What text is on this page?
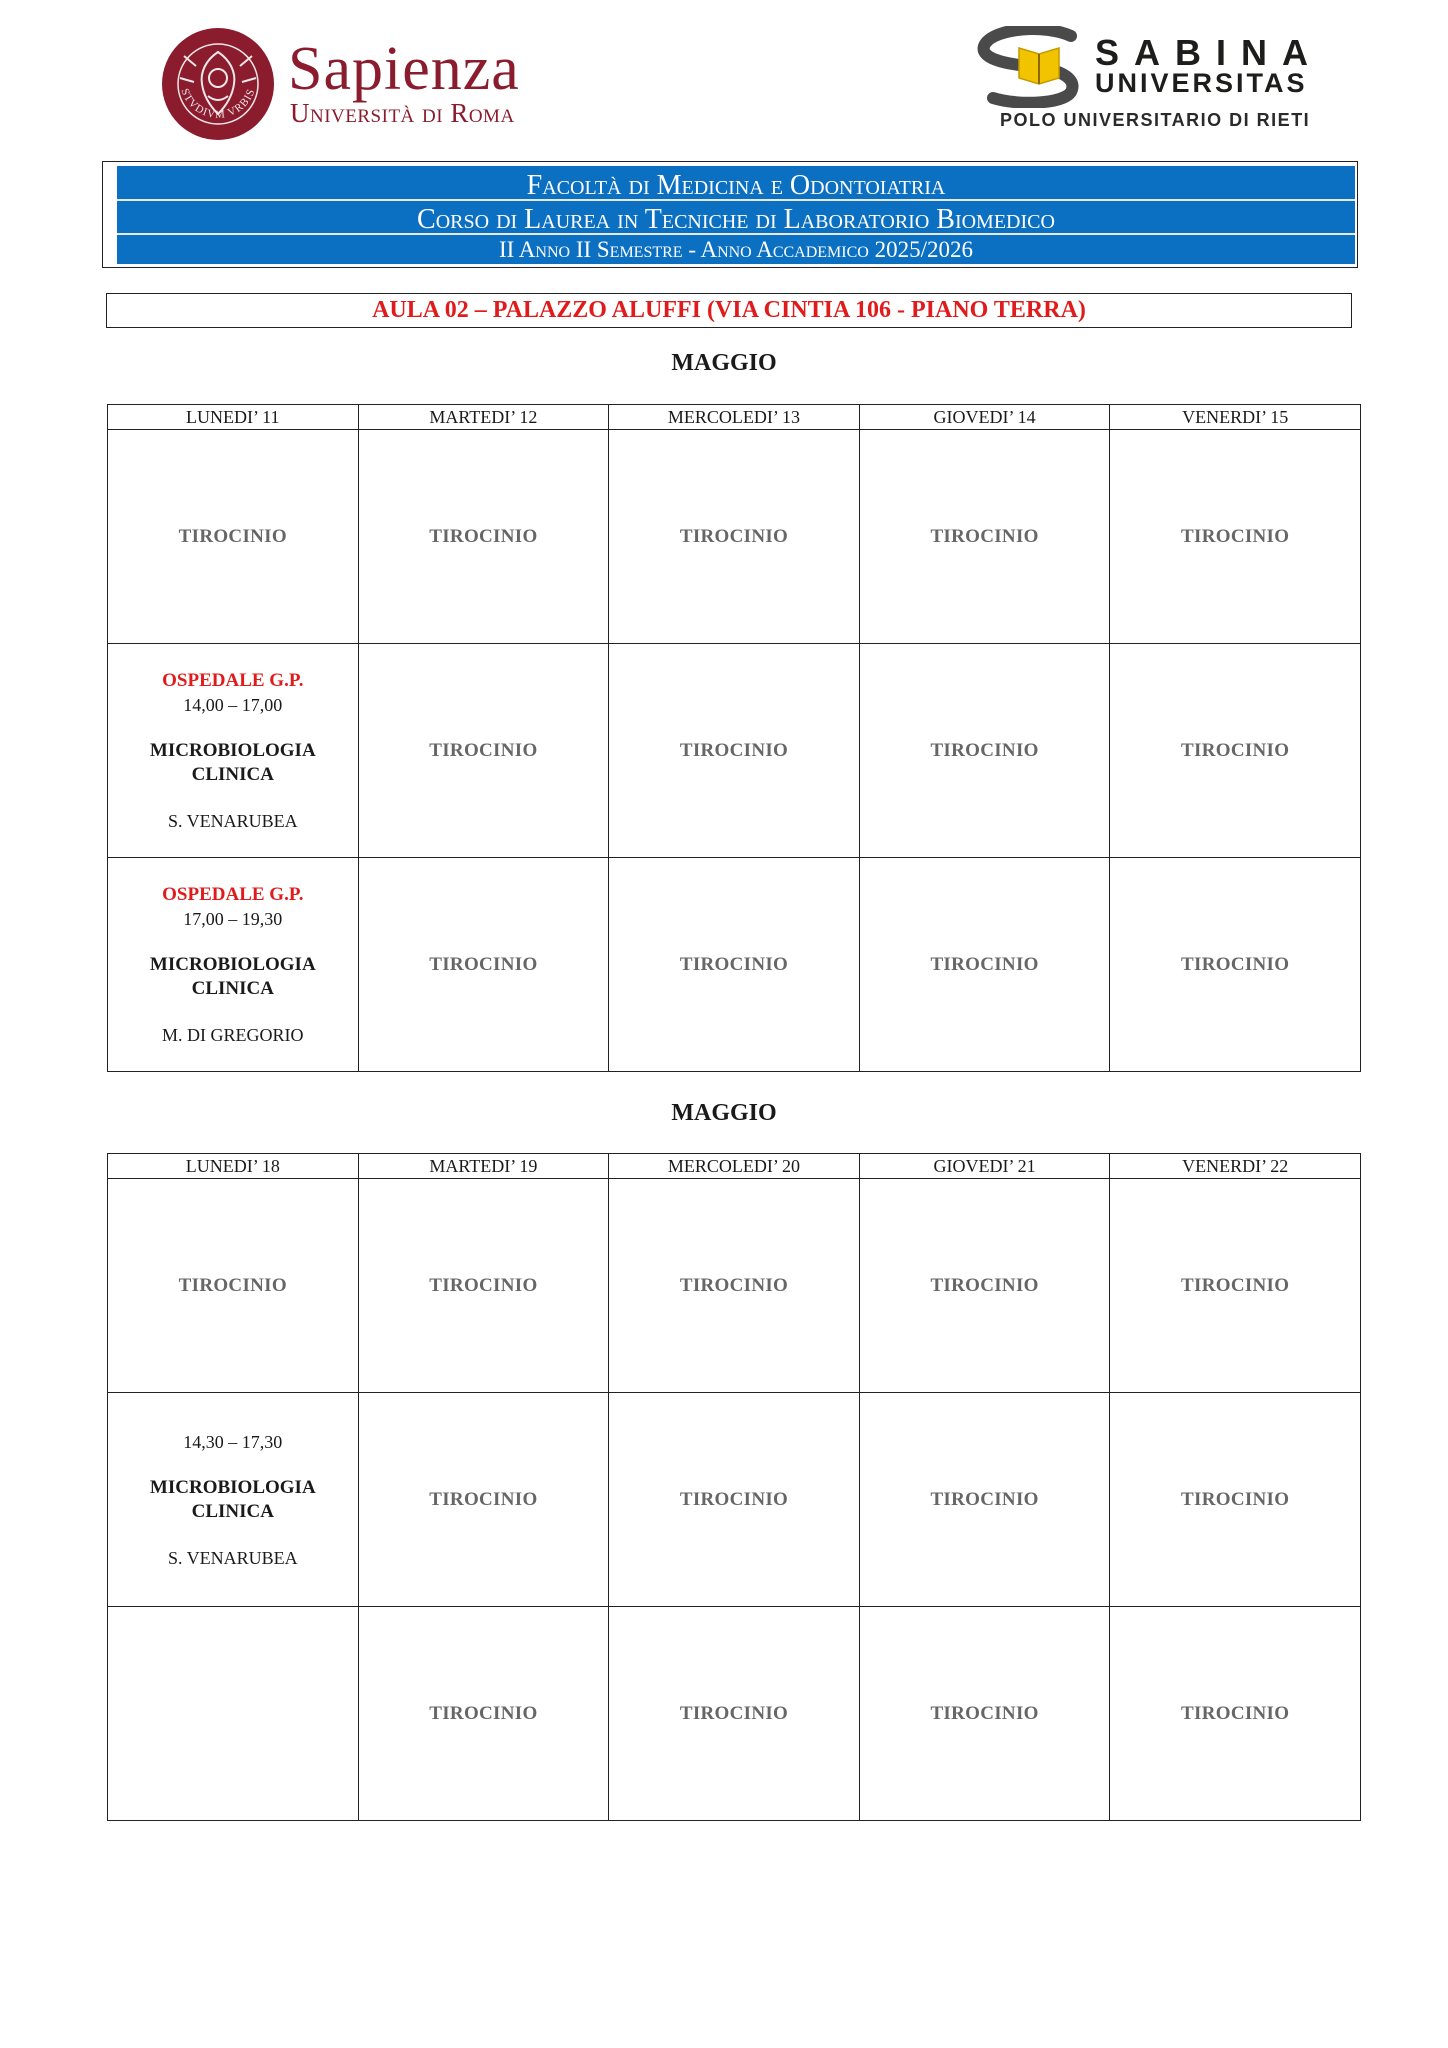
STVDIVM VRBIS Sapienza
Università di Roma
SABINA
UNIVERSITAS
POLO UNIVERSITARIO DI RIETI
Facoltà di Medicina e Odontoiatria
Corso di Laurea in Tecniche di Laboratorio Biomedico
II Anno II Semestre - Anno Accademico 2025/2026
AULA 02 – PALAZZO ALUFFI (VIA CINTIA 106 - PIANO TERRA)
MAGGIO
LUNEDI’ 11	MARTEDI’ 12	MERCOLEDI’ 13	GIOVEDI’ 14	VENERDI’ 15
TIROCINIO	TIROCINIO	TIROCINIO	TIROCINIO	TIROCINIO

OSPEDALE G.P.
14,00 – 17,00
MICROBIOLOGIA
CLINICA
S. VENARUBEA	TIROCINIO	TIROCINIO	TIROCINIO	TIROCINIO

OSPEDALE G.P.
17,00 – 19,30
MICROBIOLOGIA
CLINICA
M. DI GREGORIO	TIROCINIO	TIROCINIO	TIROCINIO	TIROCINIO
MAGGIO
LUNEDI’ 18	MARTEDI’ 19	MERCOLEDI’ 20	GIOVEDI’ 21	VENERDI’ 22
TIROCINIO	TIROCINIO	TIROCINIO	TIROCINIO	TIROCINIO

14,30 – 17,30
MICROBIOLOGIA
CLINICA
S. VENARUBEA	TIROCINIO	TIROCINIO	TIROCINIO	TIROCINIO
	TIROCINIO	TIROCINIO	TIROCINIO	TIROCINIO
